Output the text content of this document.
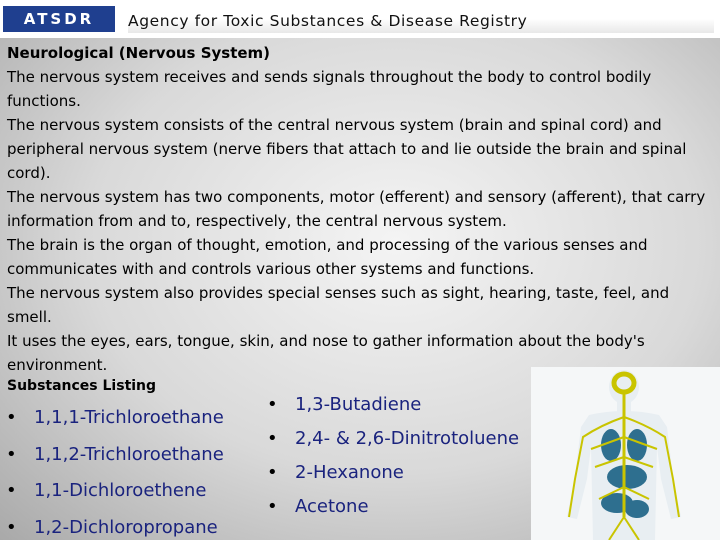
ATSDR	Agency for Toxic Substances & Disease Registry

Neurological (Nervous System)

The nervous system receives and sends signals throughout the body to control bodily functions.

The nervous system consists of the central nervous system (brain and spinal cord) and peripheral nervous system (nerve fibers that attach to and lie outside the brain and spinal cord).

The nervous system has two components, motor (efferent) and sensory (afferent), that carry information from and to, respectively, the central nervous system.

The brain is the organ of thought, emotion, and processing of the various senses and communicates with and controls various other systems and functions.

The nervous system also provides special senses such as sight, hearing, taste, feel, and smell.

It uses the eyes, ears, tongue, skin, and nose to gather information about the body's environment.

Substances Listing
• 1,1,1-Trichloroethane
• 1,1,2-Trichloroethane
• 1,1-Dichloroethene
• 1,2-Dichloropropane
• 1,3-Butadiene
• 2,4- & 2,6-Dinitrotoluene
• 2-Hexanone
• Acetone
